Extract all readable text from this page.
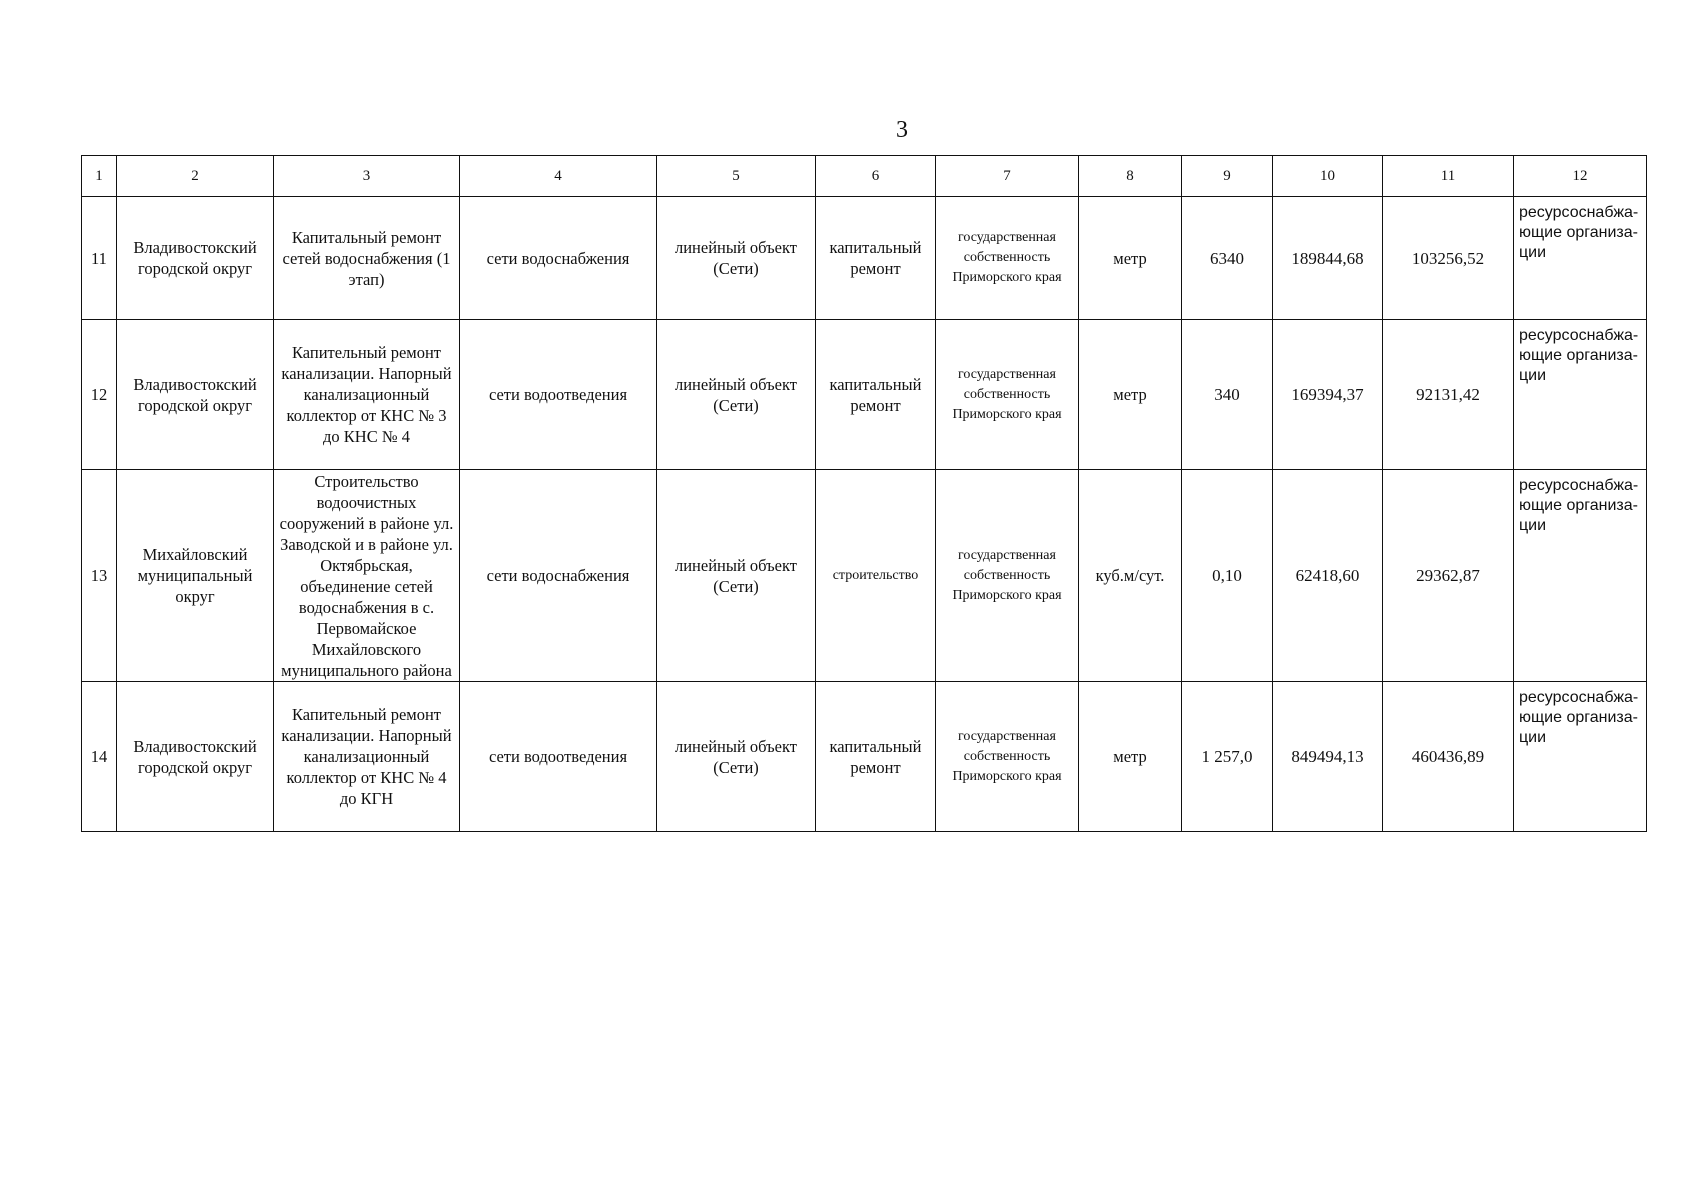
3
1	2	3	4	5	6	7	8	9	10	11	12
11	Владивостокский городской округ	Капитальный ремонт сетей водоснабжения (1 этап)	сети водоснабжения	линейный объект (Сети)	капитальный ремонт	государственная собственность Приморского края	метр	6340	189844,68	103256,52	ресурсоснабжа-ющие организа-ции
12	Владивостокский городской округ	Капительный ремонт канализации. Напорный канализационный коллектор от КНС № 3 до КНС № 4	сети водоотведения	линейный объект (Сети)	капитальный ремонт	государственная собственность Приморского края	метр	340	169394,37	92131,42	ресурсоснабжа-ющие организа-ции
13	Михайловский муниципальный округ	Строительство водоочистных сооружений в районе ул. Заводской и в районе ул. Октябрьская, объединение сетей водоснабжения в с. Первомайское Михайловского муниципального района	сети водоснабжения	линейный объект (Сети)	строительство	государственная собственность Приморского края	куб.м/сут.	0,10	62418,60	29362,87	ресурсоснабжа-ющие организа-ции
14	Владивостокский городской округ	Капительный ремонт канализации. Напорный канализационный коллектор от КНС № 4 до КГН	сети водоотведения	линейный объект (Сети)	капитальный ремонт	государственная собственность Приморского края	метр	1 257,0	849494,13	460436,89	ресурсоснабжа-ющие организа-ции
